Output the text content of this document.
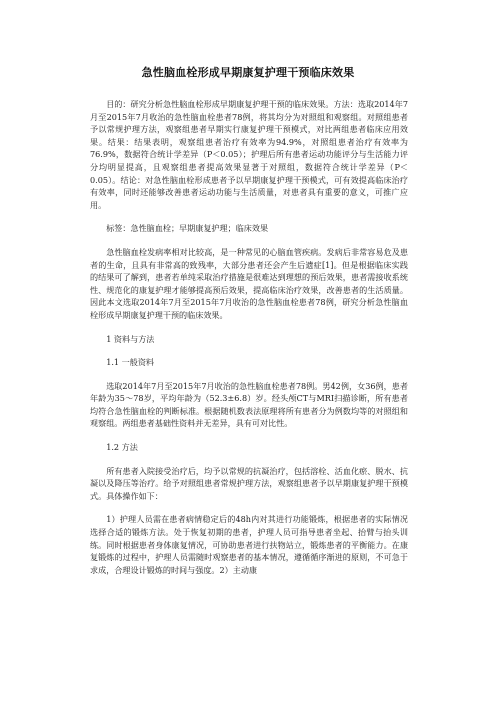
急性脑血栓形成早期康复护理干预临床效果

目的：研究分析急性脑血栓形成早期康复护理干预的临床效果。方法：选取2014年7月至2015年7月收治的急性脑血栓患者78例，将其均分为对照组和观察组。对照组患者予以常规护理方法，观察组患者早期实行康复护理干预模式，对比两组患者临床应用效果。结果：结果表明，观察组患者治疗有效率为94.9%，对照组患者治疗有效率为76.9%，数据符合统计学差异（P＜0.05）；护理后所有患者运动功能评分与生活能力评分均明显提高，且观察组患者提高效果显著于对照组，数据符合统计学差异（P＜0.05）。结论：对急性脑血栓形成患者予以早期康复护理干预模式，可有效提高临床治疗有效率，同时还能够改善患者运动功能与生活质量，对患者具有重要的意义，可推广应用。

标签：急性脑血栓；早期康复护理；临床效果

急性脑血栓发病率相对比较高，是一种常见的心脑血管疾病。发病后非常容易危及患者的生命，且具有非常高的致残率，大部分患者还会产生后遗症[1]。但是根据临床实践的结果可了解到，患者若单纯采取治疗措施是很难达到理想的预后效果，患者需接收系统性、规范化的康复护理才能够提高预后效果，提高临床治疗效果，改善患者的生活质量。因此本文选取2014年7月至2015年7月收治的急性脑血栓患者78例，研究分析急性脑血栓形成早期康复护理干预的临床效果。

1 资料与方法

1.1 一般资料

选取2014年7月至2015年7月收治的急性脑血栓患者78例。男42例，女36例，患者年龄为35～78岁，平均年龄为（52.3±6.8）岁。经头颅CT与MRI扫描诊断，所有患者均符合急性脑血栓的判断标准。根据随机数表法原理将所有患者分为例数均等的对照组和观察组。两组患者基础性资料并无差异，具有可对比性。

1.2 方法

所有患者入院接受治疗后，均予以常规的抗凝治疗，包括溶栓、活血化瘀、脱水、抗凝以及降压等治疗。给予对照组患者常规护理方法，观察组患者予以早期康复护理干预模式。具体操作如下：

1）护理人员需在患者病情稳定后的48h内对其进行功能锻炼，根据患者的实际情况选择合适的锻炼方法。处于恢复初期的患者，护理人员可指导患者坐起、抬臂与抬头训练。同时根据患者身体康复情况，可协助患者进行扶物站立，锻炼患者的平衡能力。在康复锻炼的过程中，护理人员需随时观察患者的基本情况，遵循循序渐进的原则，不可急于求成，合理设计锻炼的时间与强度。2）主动康
